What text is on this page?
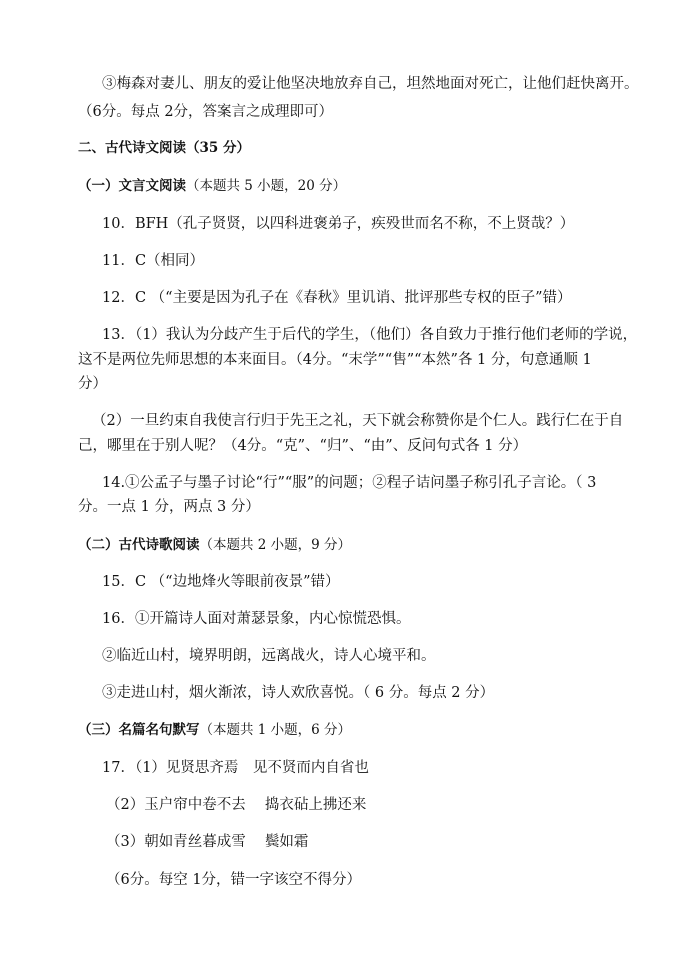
③梅森对妻儿、朋友的爱让他坚决地放弃自己，坦然地面对死亡，让他们赶快离开。
（6分。每点 2分，答案言之成理即可）
二、古代诗文阅读（35 分）
（一）文言文阅读（本题共 5 小题，20 分）
10．BFH（孔子贤贤，以四科进褒弟子，疾殁世而名不称，不上贤哉？）
11．C（相同）
12．C （“主要是因为孔子在《春秋》里讥诮、批评那些专权的臣子”错）
13．（1）我认为分歧产生于后代的学生，（他们）各自致力于推行他们老师的学说，
这不是两位先师思想的本来面目。（4分。“末学”“售”“本然”各 1 分，句意通顺 1
分）
（2）一旦约束自我使言行归于先王之礼，天下就会称赞你是个仁人。践行仁在于自
己，哪里在于别人呢？（4分。“克”、“归”、“由”、反问句式各 1 分）
14.①公孟子与墨子讨论“行”“服”的问题；②程子诘问墨子称引孔子言论。（ 3
分。一点 1 分，两点 3 分）
（二）古代诗歌阅读（本题共 2 小题，9 分）
15．C （“边地烽火等眼前夜景”错）
16．①开篇诗人面对萧瑟景象，内心惊慌恐惧。
②临近山村，境界明朗，远离战火，诗人心境平和。
③走进山村，烟火渐浓，诗人欢欣喜悦。（ 6 分。每点 2 分）
（三）名篇名句默写（本题共 1 小题，6 分）
17．（1）见贤思齐焉　见不贤而内自省也
（2）玉户帘中卷不去　 捣衣砧上拂还来
（3）朝如青丝暮成雪　 鬓如霜
（6分。每空 1分，错一字该空不得分）
